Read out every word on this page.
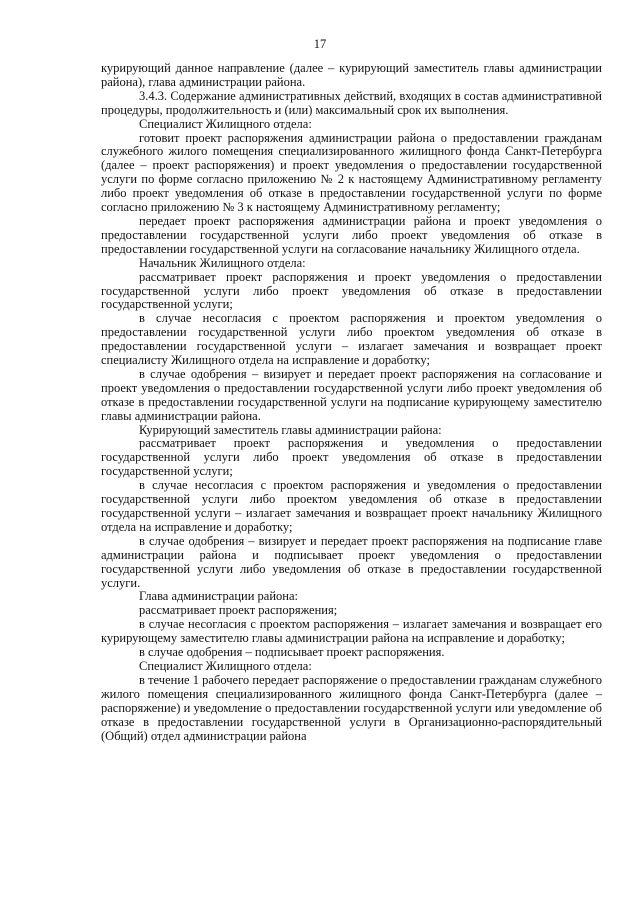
17

курирующий данное направление (далее – курирующий заместитель главы администрации района), глава администрации района.

3.4.3. Содержание административных действий, входящих в состав административной процедуры, продолжительность и (или) максимальный срок их выполнения.

Специалист Жилищного отдела:

готовит проект распоряжения администрации района о предоставлении гражданам служебного жилого помещения специализированного жилищного фонда Санкт-Петербурга (далее – проект распоряжения) и проект уведомления о предоставлении государственной услуги по форме согласно приложению № 2 к настоящему Административному регламенту либо проект уведомления об отказе в предоставлении государственной услуги по форме согласно приложению № 3 к настоящему Административному регламенту;

передает проект распоряжения администрации района и проект уведомления о предоставлении государственной услуги либо проект уведомления об отказе в предоставлении государственной услуги на согласование начальнику Жилищного отдела.

Начальник Жилищного отдела:

рассматривает проект распоряжения и проект уведомления о предоставлении государственной услуги либо проект уведомления об отказе в предоставлении государственной услуги;

в случае несогласия с проектом распоряжения и проектом уведомления о предоставлении государственной услуги либо проектом уведомления об отказе в предоставлении государственной услуги – излагает замечания и возвращает проект специалисту Жилищного отдела на исправление и доработку;

в случае одобрения – визирует и передает проект распоряжения на согласование и проект уведомления о предоставлении государственной услуги либо проект уведомления об отказе в предоставлении государственной услуги на подписание курирующему заместителю главы администрации района.

Курирующий заместитель главы администрации района:

рассматривает проект распоряжения и уведомления о предоставлении государственной услуги либо проект уведомления об отказе в предоставлении государственной услуги;

в случае несогласия с проектом распоряжения и уведомления о предоставлении государственной услуги либо проектом уведомления об отказе в предоставлении государственной услуги – излагает замечания и возвращает проект начальнику Жилищного отдела на исправление и доработку;

в случае одобрения – визирует и передает проект распоряжения на подписание главе администрации района и подписывает проект уведомления о предоставлении государственной услуги либо уведомления об отказе в предоставлении государственной услуги.

Глава администрации района:

рассматривает проект распоряжения;

в случае несогласия с проектом распоряжения – излагает замечания и возвращает его курирующему заместителю главы администрации района на исправление и доработку;

в случае одобрения – подписывает проект распоряжения.

Специалист Жилищного отдела:

в течение 1 рабочего передает распоряжение о предоставлении гражданам служебного жилого помещения специализированного жилищного фонда Санкт-Петербурга (далее – распоряжение) и уведомление о предоставлении государственной услуги или уведомление об отказе в предоставлении государственной услуги в Организационно-распорядительный (Общий) отдел администрации района
